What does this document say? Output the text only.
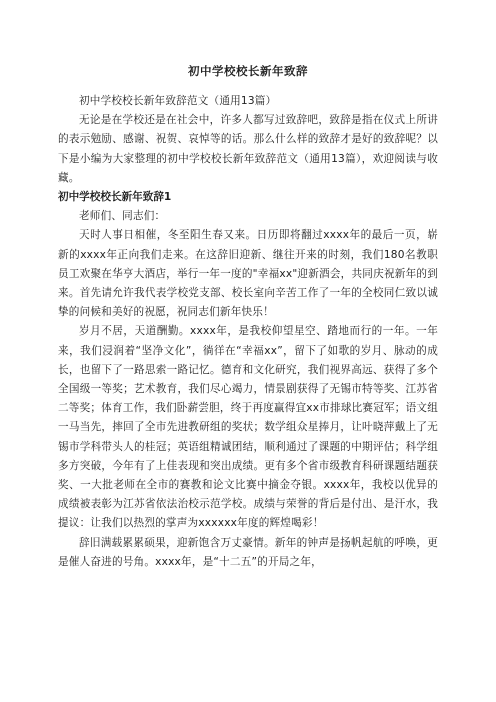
初中学校校长新年致辞

初中学校校长新年致辞范文（通用13篇）

无论是在学校还是在社会中，许多人都写过致辞吧，致辞是指在仪式上所讲的表示勉励、感谢、祝贺、哀悼等的话。那么什么样的致辞才是好的致辞呢？以下是小编为大家整理的初中学校校长新年致辞范文（通用13篇），欢迎阅读与收藏。

初中学校校长新年致辞1

老师们、同志们：

天时人事日相催，冬至阳生春又来。日历即将翻过xxxx年的最后一页，崭新的xxxx年正向我们走来。在这辞旧迎新、继往开来的时刻，我们180名教职员工欢聚在华亨大酒店，举行一年一度的"幸福xx"迎新酒会，共同庆祝新年的到来。首先请允许我代表学校党支部、校长室向辛苦工作了一年的全校同仁致以诚挚的问候和美好的祝愿，祝同志们新年快乐！

岁月不居，天道酬勤。xxxx年，是我校仰望星空、踏地而行的一年。一年来，我们浸润着“坚净文化”，徜徉在“幸福xx”，留下了如歌的岁月、脉动的成长，也留下了一路思索一路记忆。德育和文化研究，我们视界高远、获得了多个全国级一等奖；艺术教育，我们尽心竭力，情景剧获得了无锡市特等奖、江苏省二等奖；体育工作，我们卧薪尝胆，终于再度赢得宜xx市排球比赛冠军；语文组一马当先，摔回了全市先进教研组的奖状；数学组众星捧月，让叶晓萍戴上了无锡市学科带头人的桂冠；英语组精诚团结，顺利通过了课题的中期评估；科学组多方突破，今年有了上佳表现和突出成绩。更有多个省市级教育科研课题结题获奖、一大批老师在全市的赛教和论文比赛中摘金夺银。xxxx年，我校以优异的成绩被表彰为江苏省依法治校示范学校。成绩与荣誉的背后是付出、是汗水，我提议：让我们以热烈的掌声为xxxxxx年度的辉煌喝彩！

辞旧满载累累硕果，迎新饱含万丈豪情。新年的钟声是扬帆起航的呼唤，更是催人奋进的号角。xxxx年，是“十二五”的开局之年，
